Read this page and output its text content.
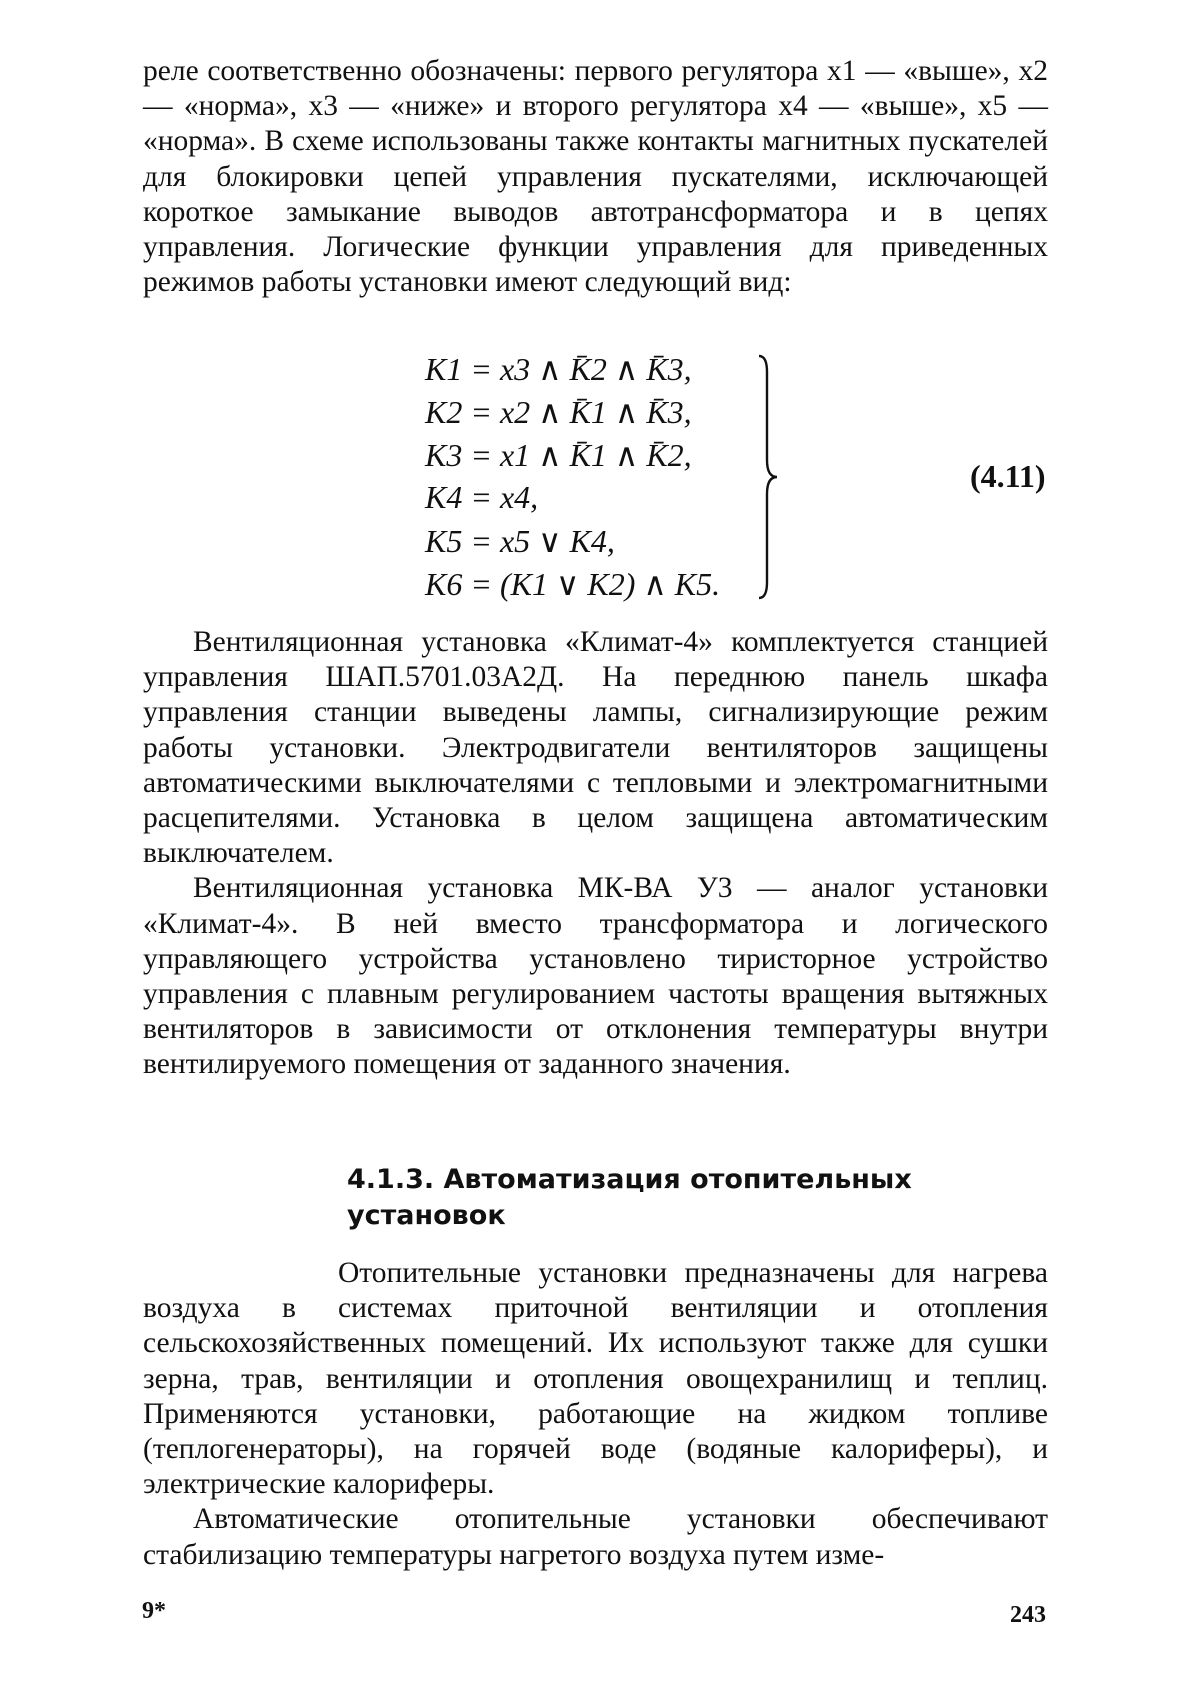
реле соответственно обозначены: первого регулятора x1 — «выше», x2 — «норма», x3 — «ниже» и второго регулятора x4 — «выше», x5 — «норма». В схеме использованы также контакты магнитных пускателей для блокировки цепей управления пускателями, исключающей короткое замыкание выводов автотрансформатора и в цепях управления. Логические функции управления для приведенных режимов работы установки имеют следующий вид:

K1 = x3 ∧ K̄2 ∧ K̄3,
K2 = x2 ∧ K̄1 ∧ K̄3,
K3 = x1 ∧ K̄1 ∧ K̄2,
K4 = x4,
K5 = x5 ∨ K4,
K6 = (K1 ∨ K2) ∧ K5.
(4.11)

Вентиляционная установка «Климат-4» комплектуется станцией управления ШАП.5701.03А2Д. На переднюю панель шкафа управления станции выведены лампы, сигнализирующие режим работы установки. Электродвигатели вентиляторов защищены автоматическими выключателями с тепловыми и электромагнитными расцепителями. Установка в целом защищена автоматическим выключателем.

Вентиляционная установка МК-ВА У3 — аналог установки «Климат-4». В ней вместо трансформатора и логического управляющего устройства установлено тиристорное устройство управления с плавным регулированием частоты вращения вытяжных вентиляторов в зависимости от отклонения температуры внутри вентилируемого помещения от заданного значения.

4.1.3. Автоматизация отопительных
установок

Отопительные установки предназначены для нагрева воздуха в системах приточной вентиляции и отопления сельскохозяйственных помещений. Их используют также для сушки зерна, трав, вентиляции и отопления овощехранилищ и теплиц. Применяются установки, работающие на жидком топливе (теплогенераторы), на горячей воде (водяные калориферы), и электрические калориферы.

Автоматические отопительные установки обеспечивают стабилизацию температуры нагретого воздуха путем изме-

9*	243
